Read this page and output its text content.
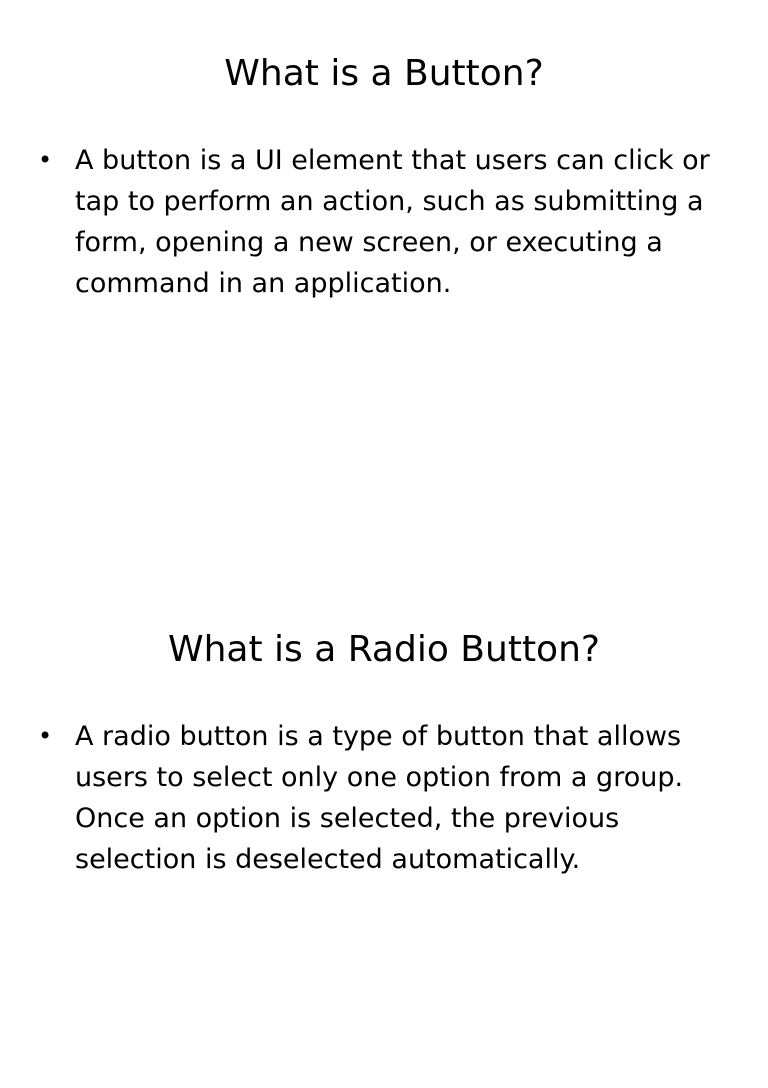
What is a Button?
• A button is a UI element that users can click or tap to perform an action, such as submitting a form, opening a new screen, or executing a command in an application.
What is a Radio Button?
• A radio button is a type of button that allows users to select only one option from a group. Once an option is selected, the previous selection is deselected automatically.
